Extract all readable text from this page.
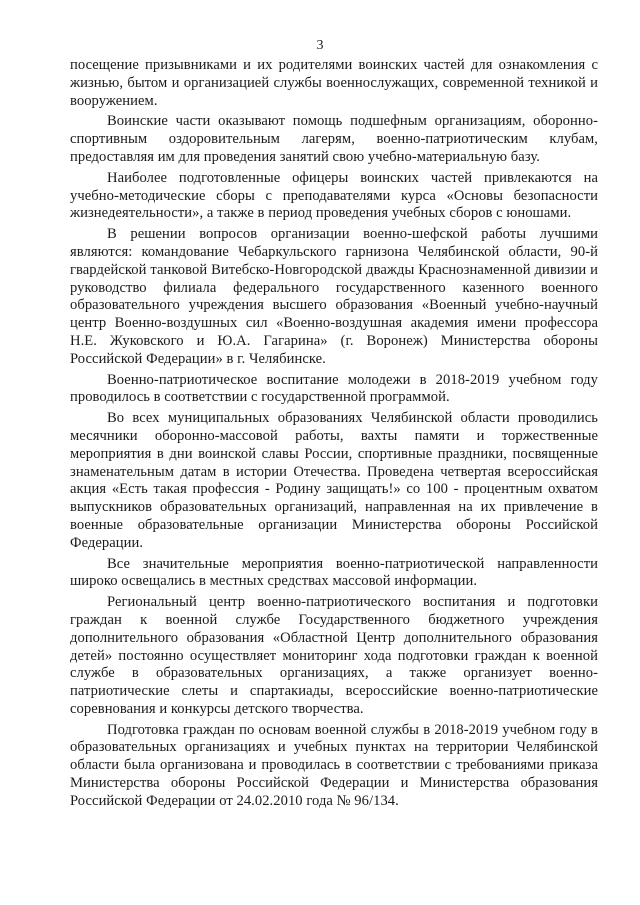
3

посещение призывниками и их родителями воинских частей для ознакомления с жизнью, бытом и организацией службы военнослужащих, современной техникой и вооружением.

Воинские части оказывают помощь подшефным организациям, оборонно-спортивным оздоровительным лагерям, военно-патриотическим клубам, предоставляя им для проведения занятий свою учебно-материальную базу.

Наиболее подготовленные офицеры воинских частей привлекаются на учебно-методические сборы с преподавателями курса «Основы безопасности жизнедеятельности», а также в период проведения учебных сборов с юношами.

В решении вопросов организации военно-шефской работы лучшими являются: командование Чебаркульского гарнизона Челябинской области, 90-й гвардейской танковой Витебско-Новгородской дважды Краснознаменной дивизии и руководство филиала федерального государственного казенного военного образовательного учреждения высшего образования «Военный учебно-научный центр Военно-воздушных сил «Военно-воздушная академия имени профессора Н.Е. Жуковского и Ю.А. Гагарина» (г. Воронеж) Министерства обороны Российской Федерации» в г. Челябинске.

Военно-патриотическое воспитание молодежи в 2018-2019 учебном году проводилось в соответствии с государственной программой.

Во всех муниципальных образованиях Челябинской области проводились месячники оборонно-массовой работы, вахты памяти и торжественные мероприятия в дни воинской славы России, спортивные праздники, посвященные знаменательным датам в истории Отечества. Проведена четвертая всероссийская акция «Есть такая профессия - Родину защищать!» со 100 - процентным охватом выпускников образовательных организаций, направленная на их привлечение в военные образовательные организации Министерства обороны Российской Федерации.

Все значительные мероприятия военно-патриотической направленности широко освещались в местных средствах массовой информации.

Региональный центр военно-патриотического воспитания и подготовки граждан к военной службе Государственного бюджетного учреждения дополнительного образования «Областной Центр дополнительного образования детей» постоянно осуществляет мониторинг хода подготовки граждан к военной службе в образовательных организациях, а также организует военно-патриотические слеты и спартакиады, всероссийские военно-патриотические соревнования и конкурсы детского творчества.

Подготовка граждан по основам военной службы в 2018-2019 учебном году в образовательных организациях и учебных пунктах на территории Челябинской области была организована и проводилась в соответствии с требованиями приказа Министерства обороны Российской Федерации и Министерства образования Российской Федерации от 24.02.2010 года № 96/134.
